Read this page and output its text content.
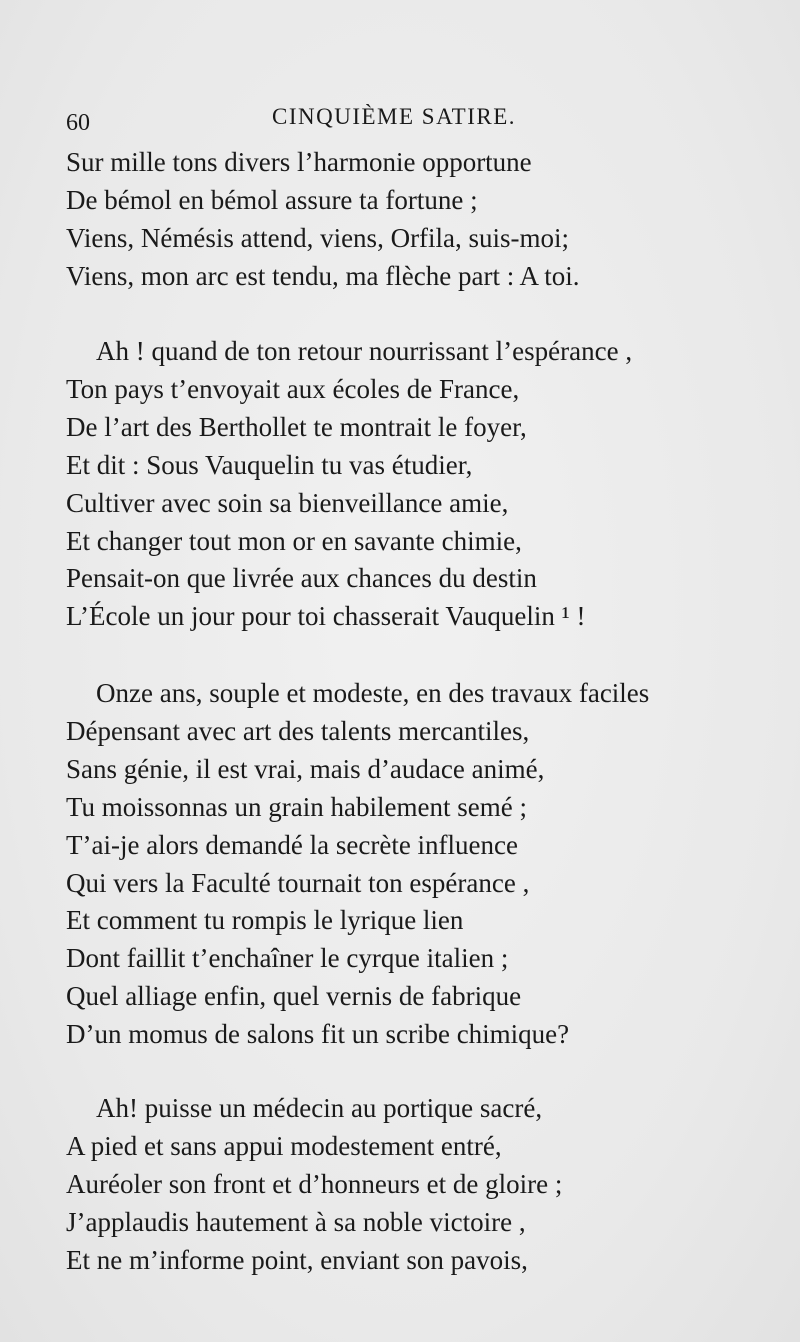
60	CINQUIÈME SATIRE.
Sur mille tons divers l’harmonie opportune
De bémol en bémol assure ta fortune ;
Viens, Némésis attend, viens, Orfila, suis-moi;
Viens, mon arc est tendu, ma flèche part : A toi.
Ah ! quand de ton retour nourrissant l’espérance ,
Ton pays t’envoyait aux écoles de France,
De l’art des Berthollet te montrait le foyer,
Et dit : Sous Vauquelin tu vas étudier,
Cultiver avec soin sa bienveillance amie,
Et changer tout mon or en savante chimie,
Pensait-on que livrée aux chances du destin
L’École un jour pour toi chasserait Vauquelin ¹ !
Onze ans, souple et modeste, en des travaux faciles
Dépensant avec art des talents mercantiles,
Sans génie, il est vrai, mais d’audace animé,
Tu moissonnas un grain habilement semé ;
T’ai-je alors demandé la secrète influence
Qui vers la Faculté tournait ton espérance ,
Et comment tu rompis le lyrique lien
Dont faillit t’enchaîner le cyrque italien ;
Quel alliage enfin, quel vernis de fabrique
D’un momus de salons fit un scribe chimique?
Ah! puisse un médecin au portique sacré,
A pied et sans appui modestement entré,
Auréoler son front et d’honneurs et de gloire ;
J’applaudis hautement à sa noble victoire ,
Et ne m’informe point, enviant son pavois,
